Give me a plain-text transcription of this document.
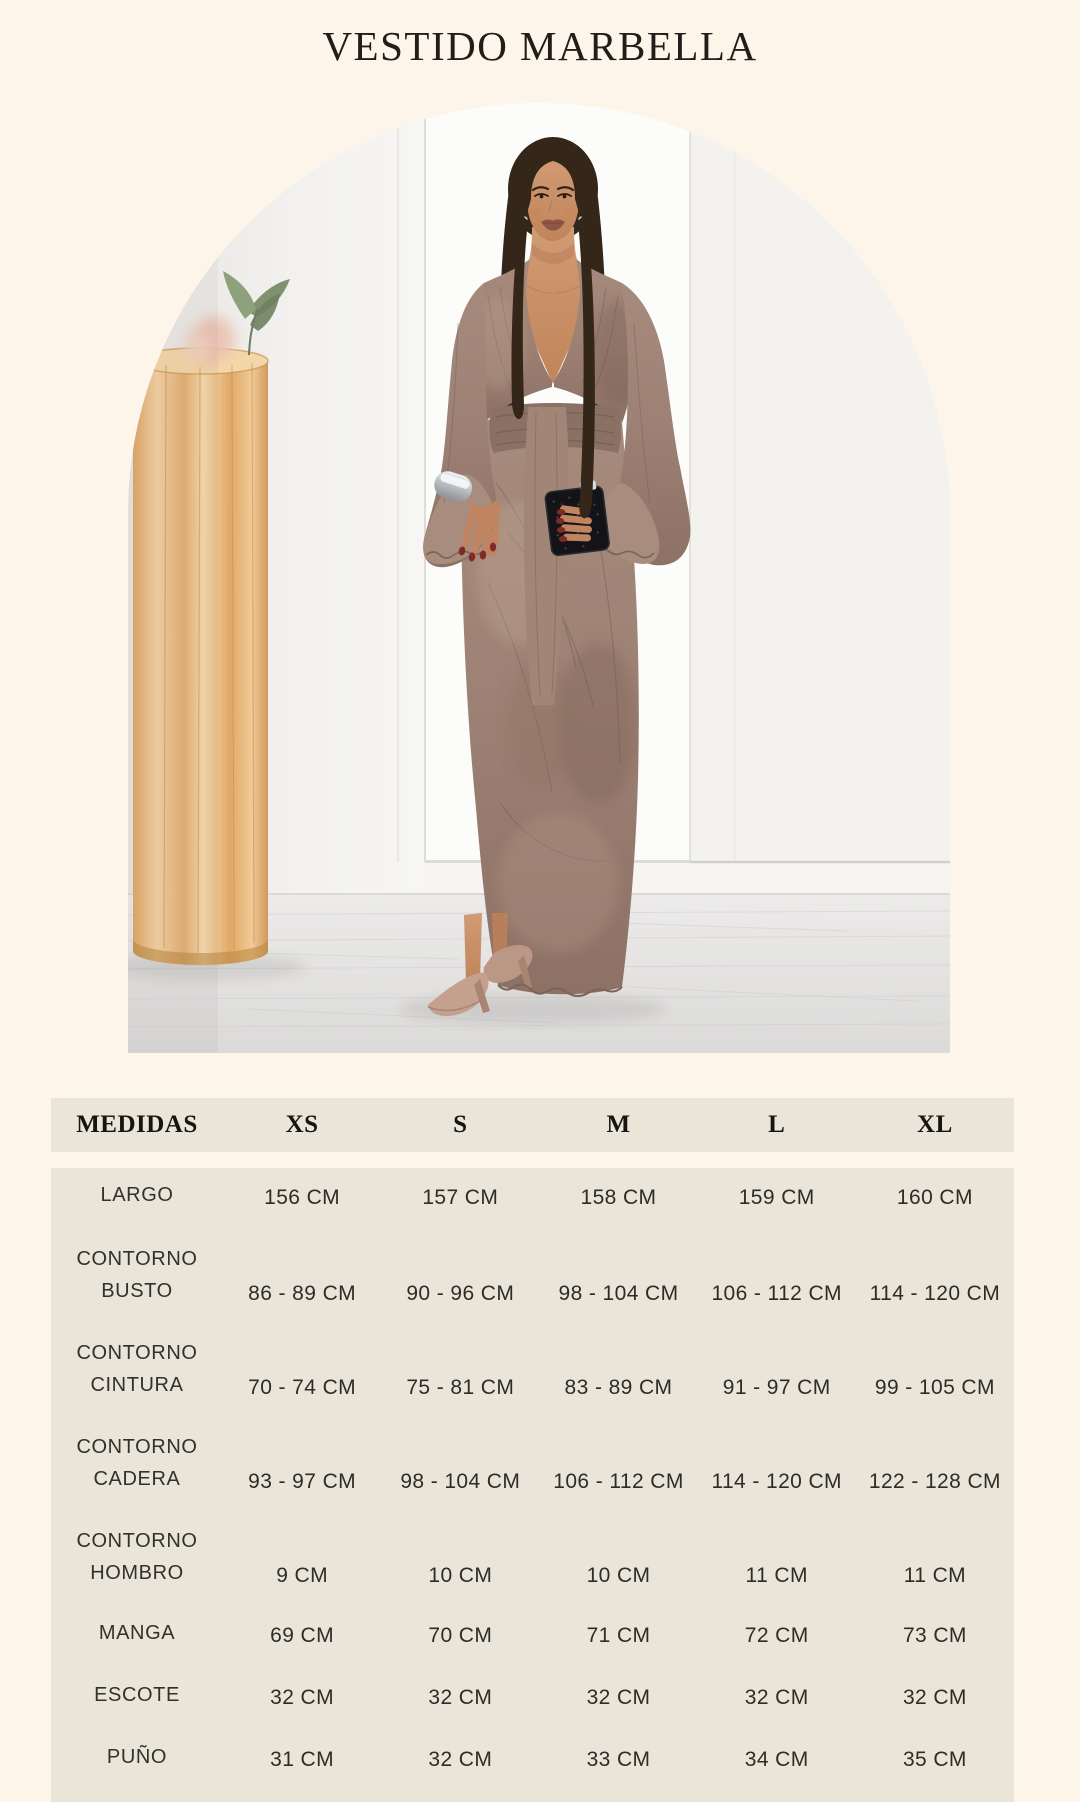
VESTIDO MARBELLA
MEDIDAS	XS	S	M	L	XL
LARGO	156 CM	157 CM	158 CM	159 CM	160 CM
CONTORNO
BUSTO	86 - 89 CM	90 - 96 CM	98 - 104 CM	106 - 112 CM	114 - 120 CM
CONTORNO
CINTURA	70 - 74 CM	75 - 81 CM	83 - 89 CM	91 - 97 CM	99 - 105 CM
CONTORNO
CADERA	93 - 97 CM	98 - 104 CM	106 - 112 CM	114 - 120 CM	122 - 128 CM
CONTORNO
HOMBRO	9 CM	10 CM	10 CM	11 CM	11 CM
MANGA	69 CM	70 CM	71 CM	72 CM	73 CM
ESCOTE	32 CM	32 CM	32 CM	32 CM	32 CM
PUÑO	31 CM	32 CM	33 CM	34 CM	35 CM
